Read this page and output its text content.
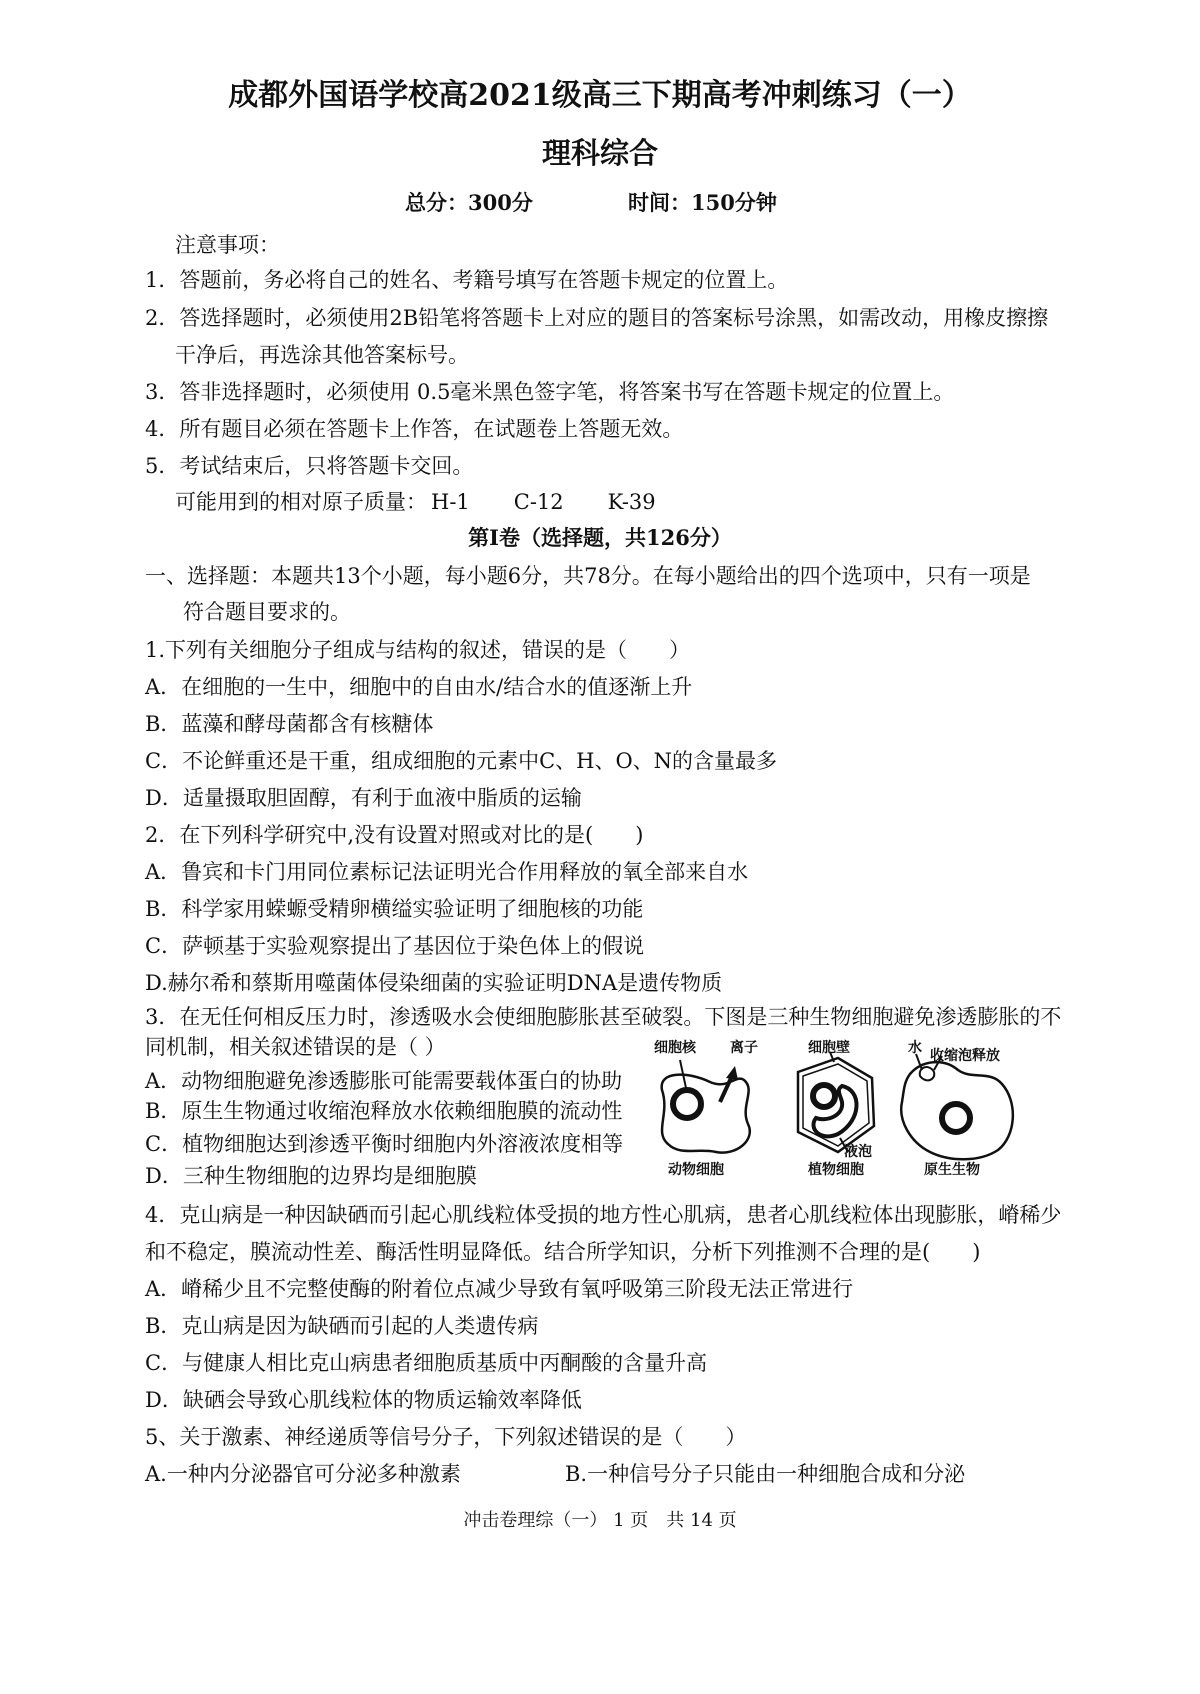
成都外国语学校高2021级高三下期高考冲刺练习（一）
理科综合
总分：300分	时间：150分钟
注意事项：
1．答题前，务必将自己的姓名、考籍号填写在答题卡规定的位置上。
2．答选择题时，必须使用2B铅笔将答题卡上对应的题目的答案标号涂黑，如需改动，用橡皮擦擦
干净后，再选涂其他答案标号。
3．答非选择题时，必须使用 0.5毫米黑色签字笔，将答案书写在答题卡规定的位置上。
4．所有题目必须在答题卡上作答，在试题卷上答题无效。
5．考试结束后，只将答题卡交回。
可能用到的相对原子质量： H-1 C-12 K-39
第Ⅰ卷（选择题，共126分）
一、选择题：本题共13个小题，每小题6分，共78分。在每小题给出的四个选项中，只有一项是
符合题目要求的。
1.下列有关细胞分子组成与结构的叙述，错误的是（　　）
A．在细胞的一生中，细胞中的自由水/结合水的值逐渐上升
B．蓝藻和酵母菌都含有核糖体
C．不论鲜重还是干重，组成细胞的元素中C、H、O、N的含量最多
D．适量摄取胆固醇，有利于血液中脂质的运输
2．在下列科学研究中,没有设置对照或对比的是(　　)
A．鲁宾和卡门用同位素标记法证明光合作用释放的氧全部来自水
B．科学家用蝾螈受精卵横缢实验证明了细胞核的功能
C．萨顿基于实验观察提出了基因位于染色体上的假说
D.赫尔希和蔡斯用噬菌体侵染细菌的实验证明DNA是遗传物质
3．在无任何相反压力时，渗透吸水会使细胞膨胀甚至破裂。下图是三种生物细胞避免渗透膨胀的不
同机制，相关叙述错误的是（ ）
A．动物细胞避免渗透膨胀可能需要载体蛋白的协助
B．原生生物通过收缩泡释放水依赖细胞膜的流动性
C．植物细胞达到渗透平衡时细胞内外溶液浓度相等
D．三种生物细胞的边界均是细胞膜
细胞核 离子	细胞壁	水 收缩泡释放
液泡
动物细胞	植物细胞	原生生物
4．克山病是一种因缺硒而引起心肌线粒体受损的地方性心肌病，患者心肌线粒体出现膨胀，嵴稀少
和不稳定，膜流动性差、酶活性明显降低。结合所学知识，分析下列推测不合理的是(　　)
A．嵴稀少且不完整使酶的附着位点减少导致有氧呼吸第三阶段无法正常进行
B．克山病是因为缺硒而引起的人类遗传病
C．与健康人相比克山病患者细胞质基质中丙酮酸的含量升高
D．缺硒会导致心肌线粒体的物质运输效率降低
5、关于激素、神经递质等信号分子，下列叙述错误的是（　　）
A.一种内分泌器官可分泌多种激素	B.一种信号分子只能由一种细胞合成和分泌
冲击卷理综（一） 1 页　共 14 页
